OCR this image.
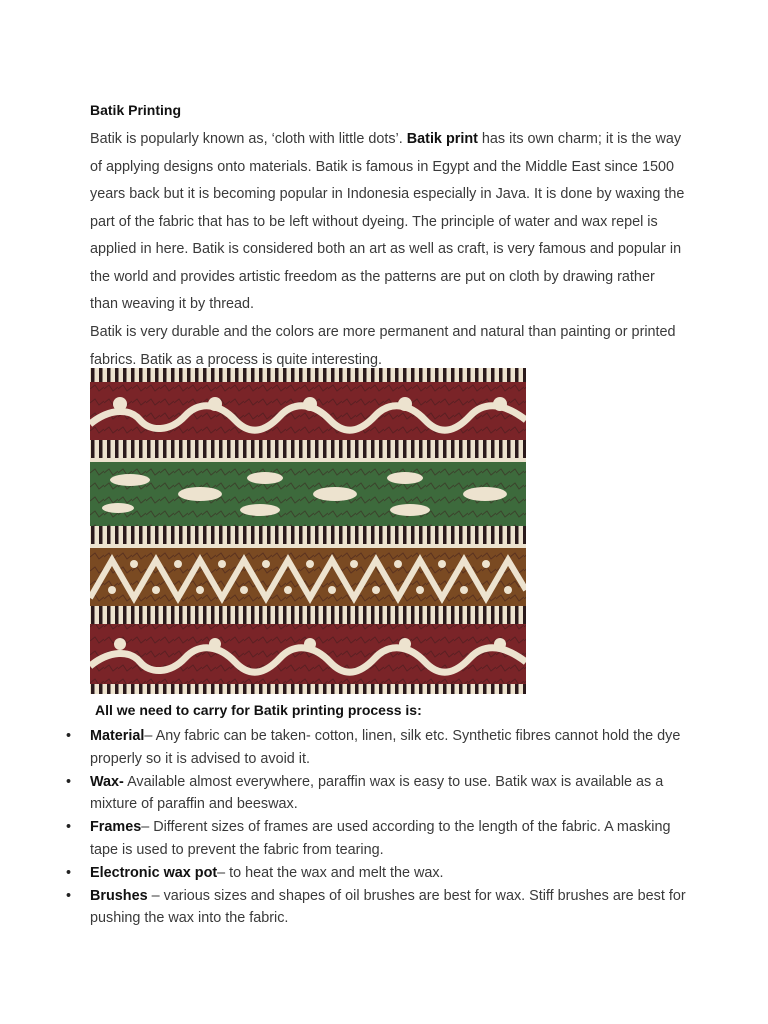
Batik Printing

Batik is popularly known as, ‘cloth with little dots’. Batik print has its own charm; it is the way of applying designs onto materials. Batik is famous in Egypt and the Middle East since 1500 years back but it is becoming popular in Indonesia especially in Java. It is done by waxing the part of the fabric that has to be left without dyeing. The principle of water and wax repel is applied in here. Batik is considered both an art as well as craft, is very famous and popular in the world and provides artistic freedom as the patterns are put on cloth by drawing rather than weaving it by thread.

Batik is very durable and the colors are more permanent and natural than painting or printed fabrics. Batik as a process is quite interesting.

All we need to carry for Batik printing process is:
• Material– Any fabric can be taken- cotton, linen, silk etc. Synthetic fibres cannot hold the dye properly so it is advised to avoid it.
• Wax- Available almost everywhere, paraffin wax is easy to use. Batik wax is available as a mixture of paraffin and beeswax.
• Frames– Different sizes of frames are used according to the length of the fabric. A masking tape is used to prevent the fabric from tearing.
• Electronic wax pot– to heat the wax and melt the wax.
• Brushes – various sizes and shapes of oil brushes are best for wax. Stiff brushes are best for pushing the wax into the fabric.
